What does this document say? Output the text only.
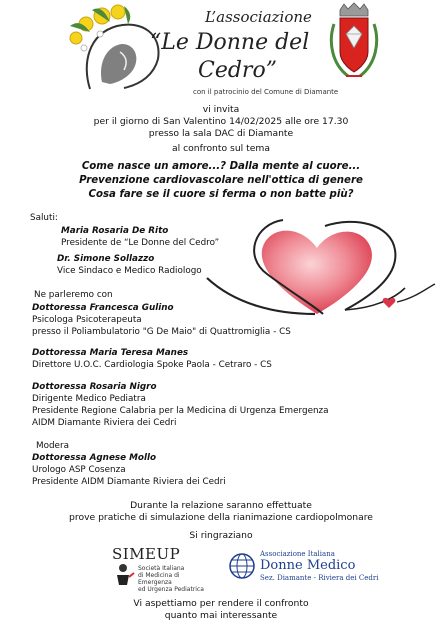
L’associazione
“Le Donne del
Cedro”
con il patrocinio del Comune di Diamante
vi invita
per il giorno di San Valentino 14/02/2025 alle ore 17.30
presso la sala DAC di Diamante
al confronto sul tema
Come nasce un amore...? Dalla mente al cuore...
Prevenzione cardiovascolare nell'ottica di genere
Cosa fare se il cuore si ferma o non batte più?
Saluti:
Maria Rosaria De Rito
Presidente de “Le Donne del Cedro”
Dr. Simone Sollazzo
Vice Sindaco e Medico Radiologo
Ne parleremo con
Dottoressa Francesca Gulino
Psicologa Psicoterapeuta
presso il Poliambulatorio "G De Maio" di Quattromiglia - CS
Dottoressa Maria Teresa Manes
Direttore U.O.C. Cardiologia Spoke Paola - Cetraro - CS
Dottoressa Rosaria Nigro
Dirigente Medico Pediatra
Presidente Regione Calabria per la Medicina di Urgenza Emergenza
AIDM Diamante Riviera dei Cedri
Modera
Dottoressa Agnese Mollo
Urologo ASP Cosenza
Presidente AIDM Diamante Riviera dei Cedri
Durante la relazione saranno effettuate
prove pratiche di simulazione della rianimazione cardiopolmonare
Si ringraziano
SIMEUP
Società Italiana
di Medicina di Emergenza
ed Urgenza Pediatrica
Associazione Italiana
Donne Medico
Sez. Diamante - Riviera dei Cedri
Vi aspettiamo per rendere il confronto
quanto mai interessante
